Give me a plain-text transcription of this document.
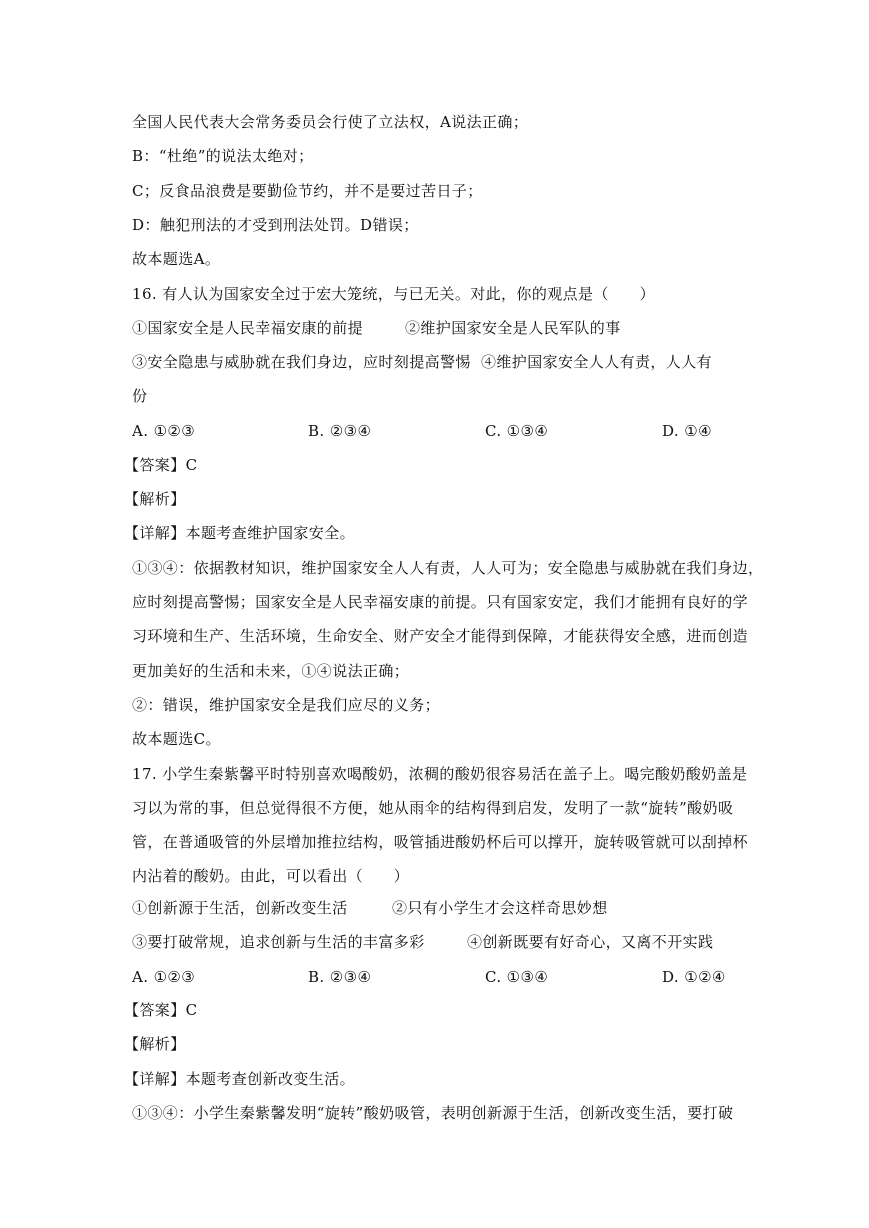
全国人民代表大会常务委员会行使了立法权，A说法正确；
B：“杜绝”的说法太绝对；
C；反食品浪费是要勤俭节约，并不是要过苦日子；
D：触犯刑法的才受到刑法处罚。D错误；
故本题选A。
16. 有人认为国家安全过于宏大笼统，与已无关。对此，你的观点是（　　）
①国家安全是人民幸福安康的前提	②维护国家安全是人民军队的事
③安全隐患与威胁就在我们身边，应时刻提高警惕 ④维护国家安全人人有责，人人有
份
A. ①②③	B. ②③④	C. ①③④	D. ①④
【答案】C
【解析】
【详解】本题考查维护国家安全。
①③④：依据教材知识，维护国家安全人人有责，人人可为；安全隐患与威胁就在我们身边，
应时刻提高警惕；国家安全是人民幸福安康的前提。只有国家安定，我们才能拥有良好的学
习环境和生产、生活环境，生命安全、财产安全才能得到保障，才能获得安全感，进而创造
更加美好的生活和未来，①④说法正确；
②：错误，维护国家安全是我们应尽的义务；
故本题选C。
17. 小学生秦紫馨平时特别喜欢喝酸奶，浓稠的酸奶很容易活在盖子上。喝完酸奶酸奶盖是
习以为常的事，但总觉得很不方便，她从雨伞的结构得到启发，发明了一款“旋转”酸奶吸
管，在普通吸管的外层增加推拉结构，吸管插进酸奶杯后可以撑开，旋转吸管就可以刮掉杯
内沾着的酸奶。由此，可以看出（　　）
①创新源于生活，创新改变生活	②只有小学生才会这样奇思妙想
③要打破常规，追求创新与生活的丰富多彩	④创新既要有好奇心，又离不开实践
A. ①②③	B. ②③④	C. ①③④	D. ①②④
【答案】C
【解析】
【详解】本题考查创新改变生活。
①③④：小学生秦紫馨发明“旋转”酸奶吸管，表明创新源于生活，创新改变生活，要打破
